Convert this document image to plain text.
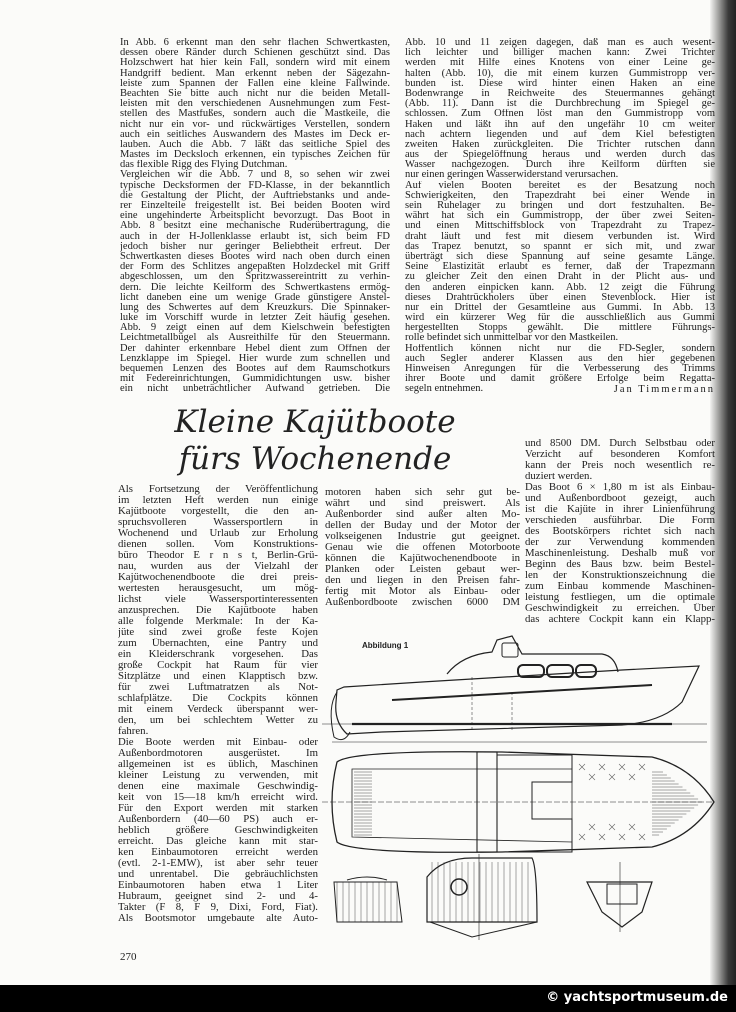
In Abb. 6 erkennt man den sehr flachen Schwertkasten,
dessen obere Ränder durch Schienen geschützt sind. Das
Holzschwert hat hier kein Fall, sondern wird mit einem
Handgriff bedient. Man erkennt neben der Sägezahn-
leiste zum Spannen der Fallen eine kleine Fallwinde.
Beachten Sie bitte auch nicht nur die beiden Metall-
leisten mit den verschiedenen Ausnehmungen zum Fest-
stellen des Mastfußes, sondern auch die Mastkeile, die
nicht nur ein vor- und rückwärtiges Verstellen, sondern
auch ein seitliches Auswandern des Mastes im Deck er-
lauben. Auch die Abb. 7 läßt das seitliche Spiel des
Mastes im Decksloch erkennen, ein typisches Zeichen für
das flexible Rigg des Flying Dutchman.
Vergleichen wir die Abb. 7 und 8, so sehen wir zwei
typische Decksformen der FD-Klasse, in der bekanntlich
die Gestaltung der Plicht, der Auftriebstanks und ande-
rer Einzelteile freigestellt ist. Bei beiden Booten wird
eine ungehinderte Arbeitsplicht bevorzugt. Das Boot in
Abb. 8 besitzt eine mechanische Ruderübertragung, die
auch in der H-Jollenklasse erlaubt ist, sich beim FD
jedoch bisher nur geringer Beliebtheit erfreut. Der
Schwertkasten dieses Bootes wird nach oben durch einen
der Form des Schlitzes angepaßten Holzdeckel mit Griff
abgeschlossen, um den Spritzwassereintritt zu verhin-
dern. Die leichte Keilform des Schwertkastens ermög-
licht daneben eine um wenige Grade günstigere Anstel-
lung des Schwertes auf dem Kreuzkurs. Die Spinnaker-
luke im Vorschiff wurde in letzter Zeit häufig gesehen.
Abb. 9 zeigt einen auf dem Kielschwein befestigten
Leichtmetallbügel als Ausreithilfe für den Steuermann.
Der dahinter erkennbare Hebel dient zum Öffnen der
Lenzklappe im Spiegel. Hier wurde zum schnellen und
bequemen Lenzen des Bootes auf dem Raumschotkurs
mit Federeinrichtungen, Gummidichtungen usw. bisher
ein nicht unbeträchtlicher Aufwand getrieben. Die
Abb. 10 und 11 zeigen dagegen, daß man es auch wesent-
lich leichter und billiger machen kann: Zwei Trichter
werden mit Hilfe eines Knotens von einer Leine ge-
halten (Abb. 10), die mit einem kurzen Gummistropp ver-
bunden ist. Diese wird hinter einen Haken an eine
Bodenwrange in Reichweite des Steuermannes gehängt
(Abb. 11). Dann ist die Durchbrechung im Spiegel ge-
schlossen. Zum Öffnen löst man den Gummistropp vom
Haken und läßt ihn auf den ungefähr 10 cm weiter
nach achtern liegenden und auf dem Kiel befestigten
zweiten Haken zurückgleiten. Die Trichter rutschen dann
aus der Spiegelöffnung heraus und werden durch das
Wasser nachgezogen. Durch ihre Keilform dürften sie
nur einen geringen Wasserwiderstand verursachen.
Auf vielen Booten bereitet es der Besatzung noch
Schwierigkeiten, den Trapezdraht bei einer Wende in
sein Ruhelager zu bringen und dort festzuhalten. Be-
währt hat sich ein Gummistropp, der über zwei Seiten-
und einen Mittschiffsblock von Trapezdraht zu Trapez-
draht läuft und fest mit diesem verbunden ist. Wird
das Trapez benutzt, so spannt er sich mit, und zwar
überträgt sich diese Spannung auf seine gesamte Länge.
Seine Elastizität erlaubt es ferner, daß der Trapezmann
zu gleicher Zeit den einen Draht in der Plicht aus- und
den anderen einpicken kann. Abb. 12 zeigt die Führung
dieses Drahtrückholers über einen Stevenblock. Hier ist
nur ein Drittel der Gesamtleine aus Gummi. In Abb. 13
wird ein kürzerer Weg für die ausschließlich aus Gummi
hergestellten Stopps gewählt. Die mittlere Führungs-
rolle befindet sich unmittelbar vor den Mastkeilen.
Hoffentlich können nicht nur die FD-Segler, sondern
auch Segler anderer Klassen aus den hier gegebenen
Hinweisen Anregungen für die Verbesserung des Trimms
ihrer Boote und damit größere Erfolge beim Regatta-
segeln entnehmen.	Jan Timmermann
Kleine Kajütboote
fürs Wochenende
Als Fortsetzung der Veröffentlichung
im letzten Heft werden nun einige
Kajütboote vorgestellt, die den an-
spruchsvolleren Wassersportlern in
Wochenend und Urlaub zur Erholung
dienen sollen. Vom Konstruktions-
büro Theodor E r n s t, Berlin-Grü-
nau, wurden aus der Vielzahl der
Kajütwochenendboote die drei preis-
wertesten herausgesucht, um mög-
lichst viele Wassersportinteressenten
anzusprechen. Die Kajütboote haben
alle folgende Merkmale: In der Ka-
jüte sind zwei große feste Kojen
zum Übernachten, eine Pantry und
ein Kleiderschrank vorgesehen. Das
große Cockpit hat Raum für vier
Sitzplätze und einen Klapptisch bzw.
für zwei Luftmatratzen als Not-
schlafplätze. Die Cockpits können
mit einem Verdeck überspannt wer-
den, um bei schlechtem Wetter zu
fahren.
Die Boote werden mit Einbau- oder
Außenbordmotoren ausgerüstet. Im
allgemeinen ist es üblich, Maschinen
kleiner Leistung zu verwenden, mit
denen eine maximale Geschwindig-
keit von 15—18 km/h erreicht wird.
Für den Export werden mit starken
Außenbordern (40—60 PS) auch er-
heblich größere Geschwindigkeiten
erreicht. Das gleiche kann mit star-
ken Einbaumotoren erreicht werden
(evtl. 2-1-EMW), ist aber sehr teuer
und unrentabel. Die gebräuchlichsten
Einbaumotoren haben etwa 1 Liter
Hubraum, geeignet sind 2- und 4-
Takter (F 8, F 9, Dixi, Ford, Fiat).
Als Bootsmotor umgebaute alte Auto-
motoren haben sich sehr gut be-
währt und sind preiswert. Als
Außenborder sind außer alten Mo-
dellen der Buday und der Motor der
volkseigenen Industrie gut geeignet.
Genau wie die offenen Motorboote
können die Kajütwochenendboote in
Planken oder Leisten gebaut wer-
den und liegen in den Preisen fahr-
fertig mit Motor als Einbau- oder
Außenbordboote zwischen 6000 DM
und 8500 DM. Durch Selbstbau oder
Verzicht auf besonderen Komfort
kann der Preis noch wesentlich re-
duziert werden.
Das Boot 6 × 1,80 m ist als Einbau-
und Außenbordboot gezeigt, auch
ist die Kajüte in ihrer Linienführung
verschieden ausführbar. Die Form
des Bootskörpers richtet sich nach
der zur Verwendung kommenden
Maschinenleistung. Deshalb muß vor
Beginn des Baus bzw. beim Bestel-
len der Konstruktionszeichnung die
zum Einbau kommende Maschinen-
leistung festliegen, um die optimale
Geschwindigkeit zu erreichen. Über
das achtere Cockpit kann ein Klapp-
Abbildung 1
270
© yachtsportmuseum.de
